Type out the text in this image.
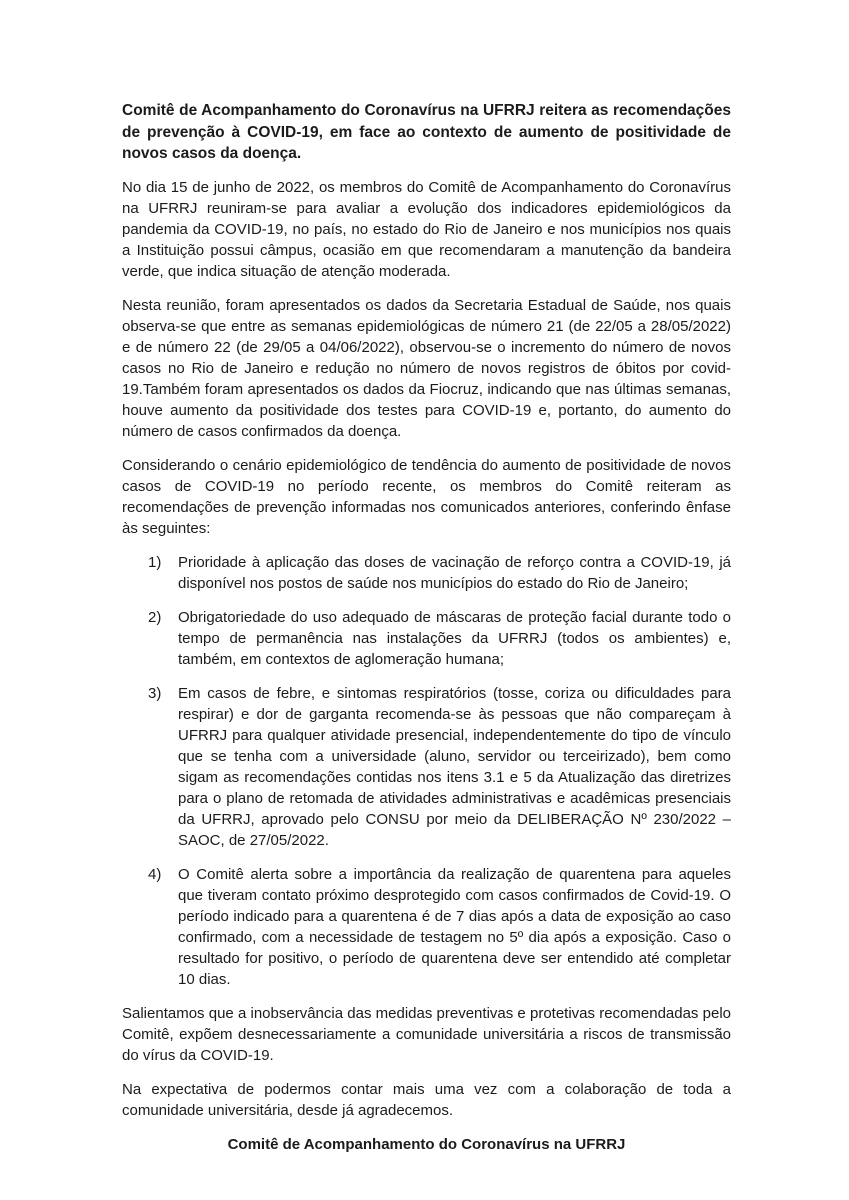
Comitê de Acompanhamento do Coronavírus na UFRRJ reitera as recomendações de prevenção à COVID-19, em face ao contexto de aumento de positividade de novos casos da doença.

No dia 15 de junho de 2022, os membros do Comitê de Acompanhamento do Coronavírus na UFRRJ reuniram-se para avaliar a evolução dos indicadores epidemiológicos da pandemia da COVID-19, no país, no estado do Rio de Janeiro e nos municípios nos quais a Instituição possui câmpus, ocasião em que recomendaram a manutenção da bandeira verde, que indica situação de atenção moderada.

Nesta reunião, foram apresentados os dados da Secretaria Estadual de Saúde, nos quais observa-se que entre as semanas epidemiológicas de número 21 (de 22/05 a 28/05/2022) e de número 22 (de 29/05 a 04/06/2022), observou-se o incremento do número de novos casos no Rio de Janeiro e redução no número de novos registros de óbitos por covid-19.Também foram apresentados os dados da Fiocruz, indicando que nas últimas semanas, houve aumento da positividade dos testes para COVID-19 e, portanto, do aumento do número de casos confirmados da doença.

Considerando o cenário epidemiológico de tendência do aumento de positividade de novos casos de COVID-19 no período recente, os membros do Comitê reiteram as recomendações de prevenção informadas nos comunicados anteriores, conferindo ênfase às seguintes:

1) Prioridade à aplicação das doses de vacinação de reforço contra a COVID-19, já disponível nos postos de saúde nos municípios do estado do Rio de Janeiro;
2) Obrigatoriedade do uso adequado de máscaras de proteção facial durante todo o tempo de permanência nas instalações da UFRRJ (todos os ambientes) e, também, em contextos de aglomeração humana;
3) Em casos de febre, e sintomas respiratórios (tosse, coriza ou dificuldades para respirar) e dor de garganta recomenda-se às pessoas que não compareçam à UFRRJ para qualquer atividade presencial, independentemente do tipo de vínculo que se tenha com a universidade (aluno, servidor ou terceirizado), bem como sigam as recomendações contidas nos itens 3.1 e 5 da Atualização das diretrizes para o plano de retomada de atividades administrativas e acadêmicas presenciais da UFRRJ, aprovado pelo CONSU por meio da DELIBERAÇÃO Nº 230/2022 – SAOC, de 27/05/2022.
4) O Comitê alerta sobre a importância da realização de quarentena para aqueles que tiveram contato próximo desprotegido com casos confirmados de Covid-19. O período indicado para a quarentena é de 7 dias após a data de exposição ao caso confirmado, com a necessidade de testagem no 5º dia após a exposição. Caso o resultado for positivo, o período de quarentena deve ser entendido até completar 10 dias.

Salientamos que a inobservância das medidas preventivas e protetivas recomendadas pelo Comitê, expõem desnecessariamente a comunidade universitária a riscos de transmissão do vírus da COVID-19.

Na expectativa de podermos contar mais uma vez com a colaboração de toda a comunidade universitária, desde já agradecemos.

Comitê de Acompanhamento do Coronavírus na UFRRJ
